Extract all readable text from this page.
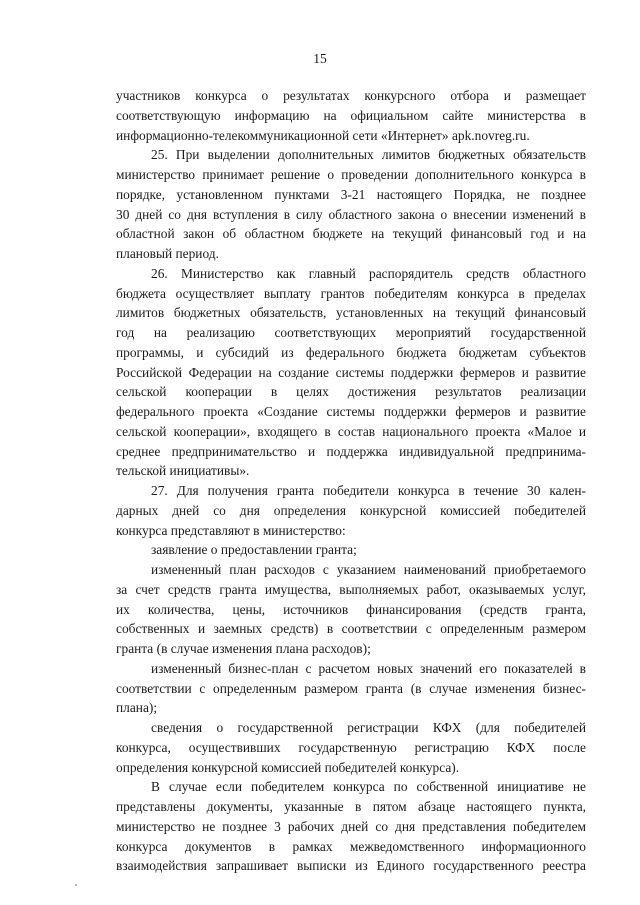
15
участников конкурса о результатах конкурсного отбора и размещает
соответствующую информацию на официальном сайте министерства в
информационно-телекоммуникационной сети «Интернет» apk.novreg.ru.
25. При выделении дополнительных лимитов бюджетных обязательств
министерство принимает решение о проведении дополнительного конкурса в
порядке, установленном пунктами 3-21 настоящего Порядка, не позднее
30 дней со дня вступления в силу областного закона о внесении изменений в
областной закон об областном бюджете на текущий финансовый год и на
плановый период.
26. Министерство как главный распорядитель средств областного
бюджета осуществляет выплату грантов победителям конкурса в пределах
лимитов бюджетных обязательств, установленных на текущий финансовый
год на реализацию соответствующих мероприятий государственной
программы, и субсидий из федерального бюджета бюджетам субъектов
Российской Федерации на создание системы поддержки фермеров и развитие
сельской кооперации в целях достижения результатов реализации
федерального проекта «Создание системы поддержки фермеров и развитие
сельской кооперации», входящего в состав национального проекта «Малое и
среднее предпринимательство и поддержка индивидуальной предпринима-
тельской инициативы».
27. Для получения гранта победители конкурса в течение 30 кален-
дарных дней со дня определения конкурсной комиссией победителей
конкурса представляют в министерство:
заявление о предоставлении гранта;
измененный план расходов с указанием наименований приобретаемого
за счет средств гранта имущества, выполняемых работ, оказываемых услуг,
их количества, цены, источников финансирования (средств гранта,
собственных и заемных средств) в соответствии с определенным размером
гранта (в случае изменения плана расходов);
измененный бизнес-план с расчетом новых значений его показателей в
соответствии с определенным размером гранта (в случае изменения бизнес-
плана);
сведения о государственной регистрации КФХ (для победителей
конкурса, осуществивших государственную регистрацию КФХ после
определения конкурсной комиссией победителей конкурса).
В случае если победителем конкурса по собственной инициативе не
представлены документы, указанные в пятом абзаце настоящего пункта,
министерство не позднее 3 рабочих дней со дня представления победителем
конкурса документов в рамках межведомственного информационного
взаимодействия запрашивает выписки из Единого государственного реестра
